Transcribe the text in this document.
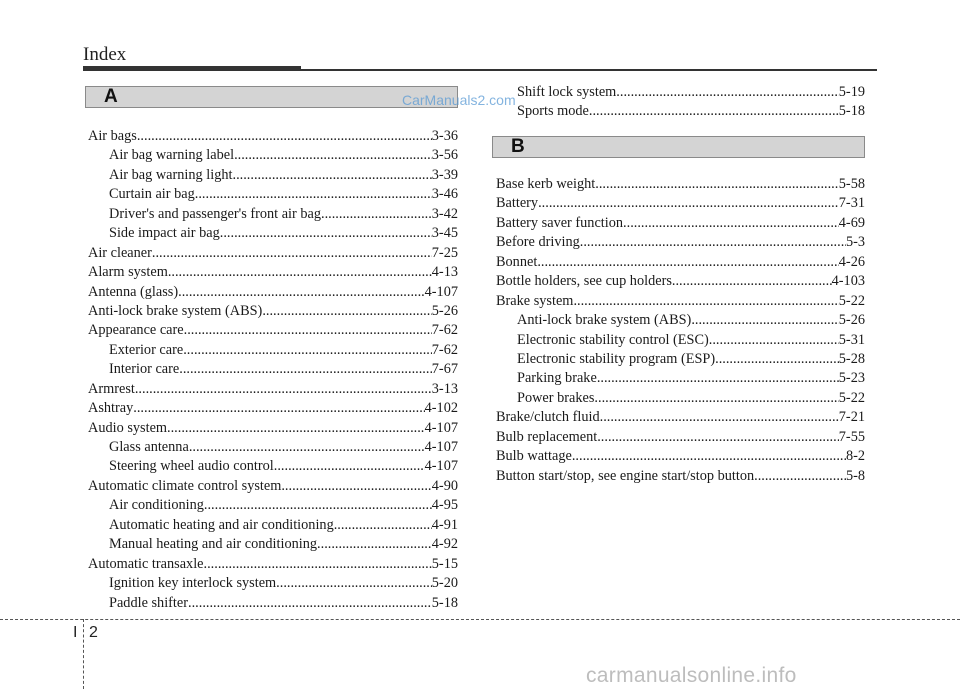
Index
A	CarManuals2.com
Air bags .....	3-36
Air bag warning label .....	3-56
Air bag warning light .....	3-39
Curtain air bag .....	3-46
Driver's and passenger's front air bag .....	3-42
Side impact air bag .....	3-45
Air cleaner .....	7-25
Alarm system .....	4-13
Antenna (glass) .....	4-107
Anti-lock brake system (ABS) .....	5-26
Appearance care .....	7-62
Exterior care .....	7-62
Interior care .....	7-67
Armrest .....	3-13
Ashtray .....	4-102
Audio system .....	4-107
Glass antenna .....	4-107
Steering wheel audio control .....	4-107
Automatic climate control system .....	4-90
Air conditioning .....	4-95
Automatic heating and air conditioning .....	4-91
Manual heating and air conditioning .....	4-92
Automatic transaxle .....	5-15
Ignition key interlock system .....	5-20
Paddle shifter .....	5-18
Shift lock system .....	5-19
Sports mode .....	5-18
B
Base kerb weight .....	5-58
Battery .....	7-31
Battery saver function .....	4-69
Before driving .....	5-3
Bonnet .....	4-26
Bottle holders, see cup holders .....	4-103
Brake system .....	5-22
Anti-lock brake system (ABS) .....	5-26
Electronic stability control (ESC) .....	5-31
Electronic stability program (ESP) .....	5-28
Parking brake .....	5-23
Power brakes .....	5-22
Brake/clutch fluid .....	7-21
Bulb replacement .....	7-55
Bulb wattage .....	8-2
Button start/stop, see engine start/stop button .....	5-8
I 2
carmanualsonline.info
